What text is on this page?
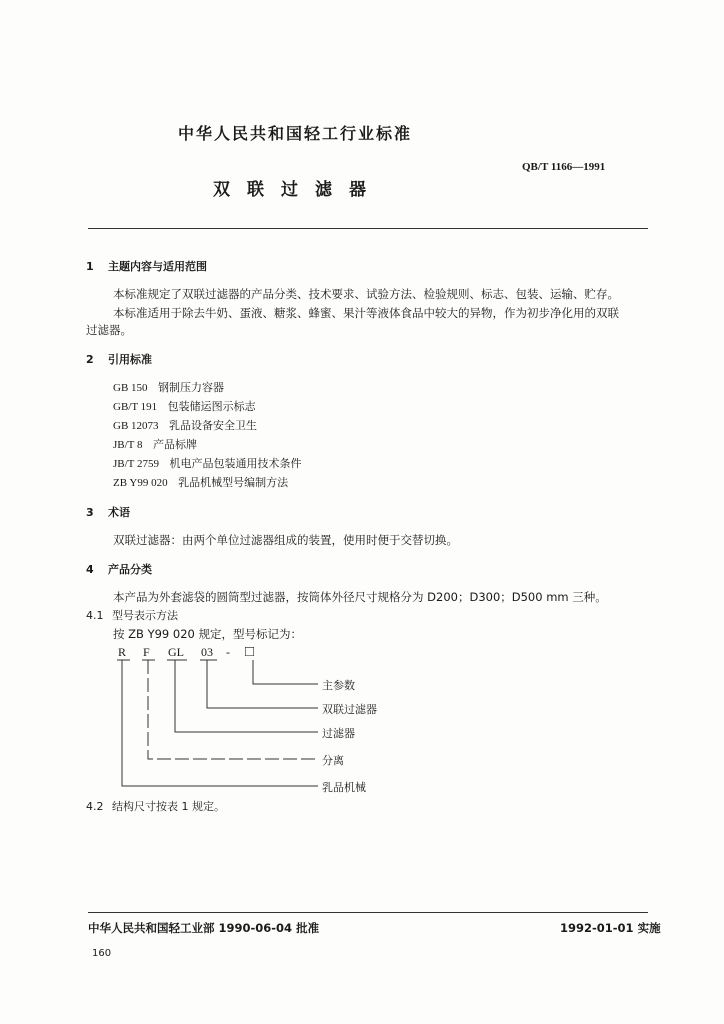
中华人民共和国轻工行业标准
QB/T 1166—1991
双联过滤器
1 主题内容与适用范围
本标准规定了双联过滤器的产品分类、技术要求、试验方法、检验规则、标志、包装、运输、贮存。
本标准适用于除去牛奶、蛋液、糖浆、蜂蜜、果汁等液体食品中较大的异物，作为初步净化用的双联
过滤器。
2 引用标准
GB 150 钢制压力容器
GB/T 191 包装储运图示标志
GB 12073 乳品设备安全卫生
JB/T 8 产品标牌
JB/T 2759 机电产品包装通用技术条件
ZB Y99 020 乳品机械型号编制方法
3 术语
双联过滤器：由两个单位过滤器组成的装置，使用时便于交替切换。
4 产品分类
本产品为外套滤袋的圆筒型过滤器，按筒体外径尺寸规格分为 D200；D300；D500 mm 三种。
4.1 型号表示方法
按 ZB Y99 020 规定，型号标记为：
R F GL 03 - □
主参数
双联过滤器
过滤器
分离
乳品机械
4.2 结构尺寸按表 1 规定。
中华人民共和国轻工业部 1990-06-04 批准	1992-01-01 实施
160
